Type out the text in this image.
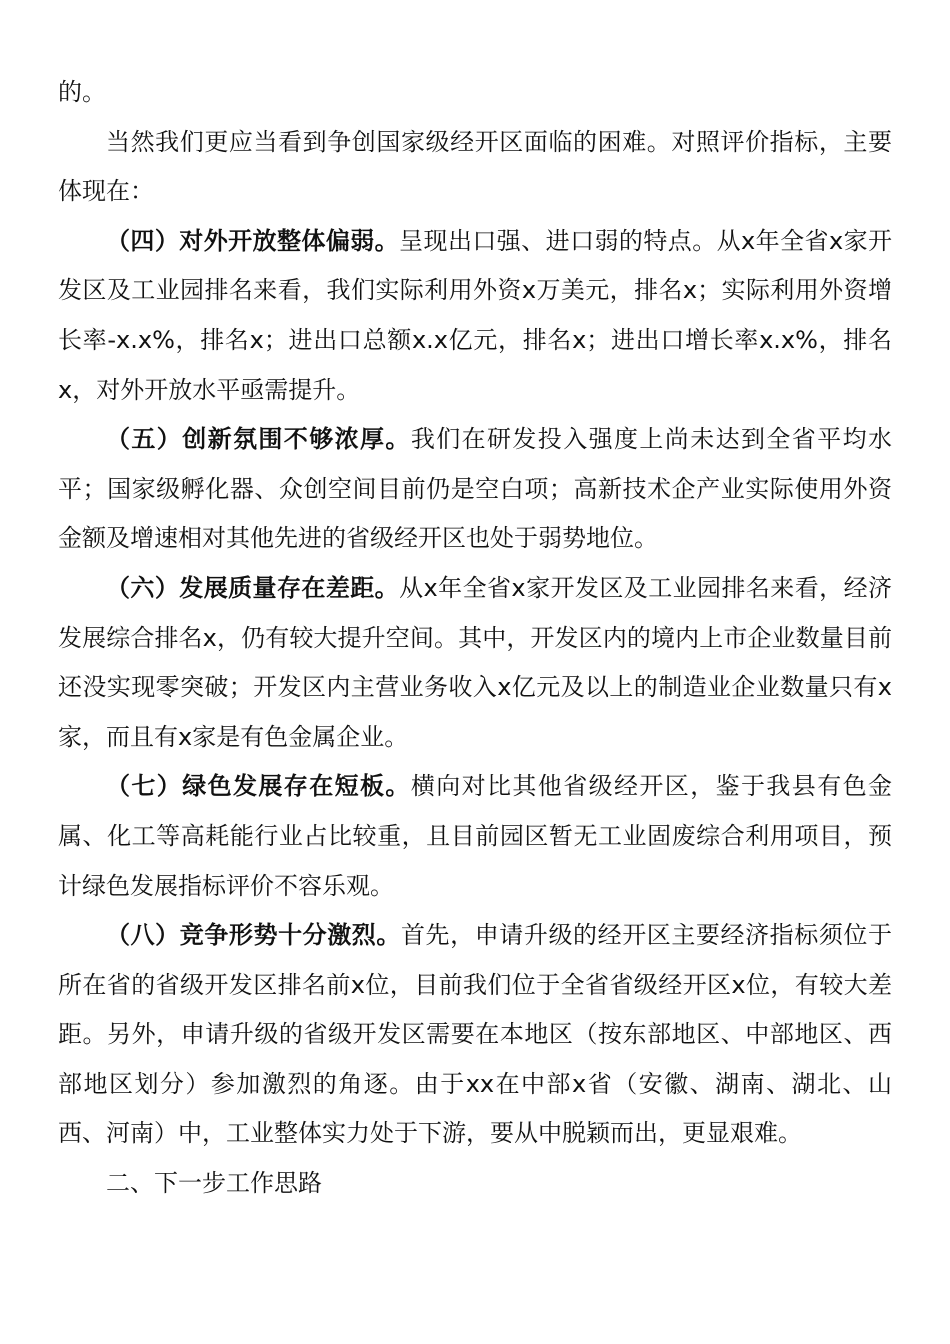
的。

当然我们更应当看到争创国家级经开区面临的困难。对照评价指标，主要体现在：

（四）对外开放整体偏弱。呈现出口强、进口弱的特点。从x年全省x家开发区及工业园排名来看，我们实际利用外资x万美元，排名x；实际利用外资增长率-x.x%，排名x；进出口总额x.x亿元，排名x；进出口增长率x.x%，排名x，对外开放水平亟需提升。

（五）创新氛围不够浓厚。我们在研发投入强度上尚未达到全省平均水平；国家级孵化器、众创空间目前仍是空白项；高新技术企产业实际使用外资金额及增速相对其他先进的省级经开区也处于弱势地位。

（六）发展质量存在差距。从x年全省x家开发区及工业园排名来看，经济发展综合排名x，仍有较大提升空间。其中，开发区内的境内上市企业数量目前还没实现零突破；开发区内主营业务收入x亿元及以上的制造业企业数量只有x家，而且有x家是有色金属企业。

（七）绿色发展存在短板。横向对比其他省级经开区，鉴于我县有色金属、化工等高耗能行业占比较重，且目前园区暂无工业固废综合利用项目，预计绿色发展指标评价不容乐观。

（八）竞争形势十分激烈。首先，申请升级的经开区主要经济指标须位于所在省的省级开发区排名前x位，目前我们位于全省省级经开区x位，有较大差距。另外，申请升级的省级开发区需要在本地区（按东部地区、中部地区、西部地区划分）参加激烈的角逐。由于xx在中部x省（安徽、湖南、湖北、山西、河南）中，工业整体实力处于下游，要从中脱颖而出，更显艰难。

二、下一步工作思路
